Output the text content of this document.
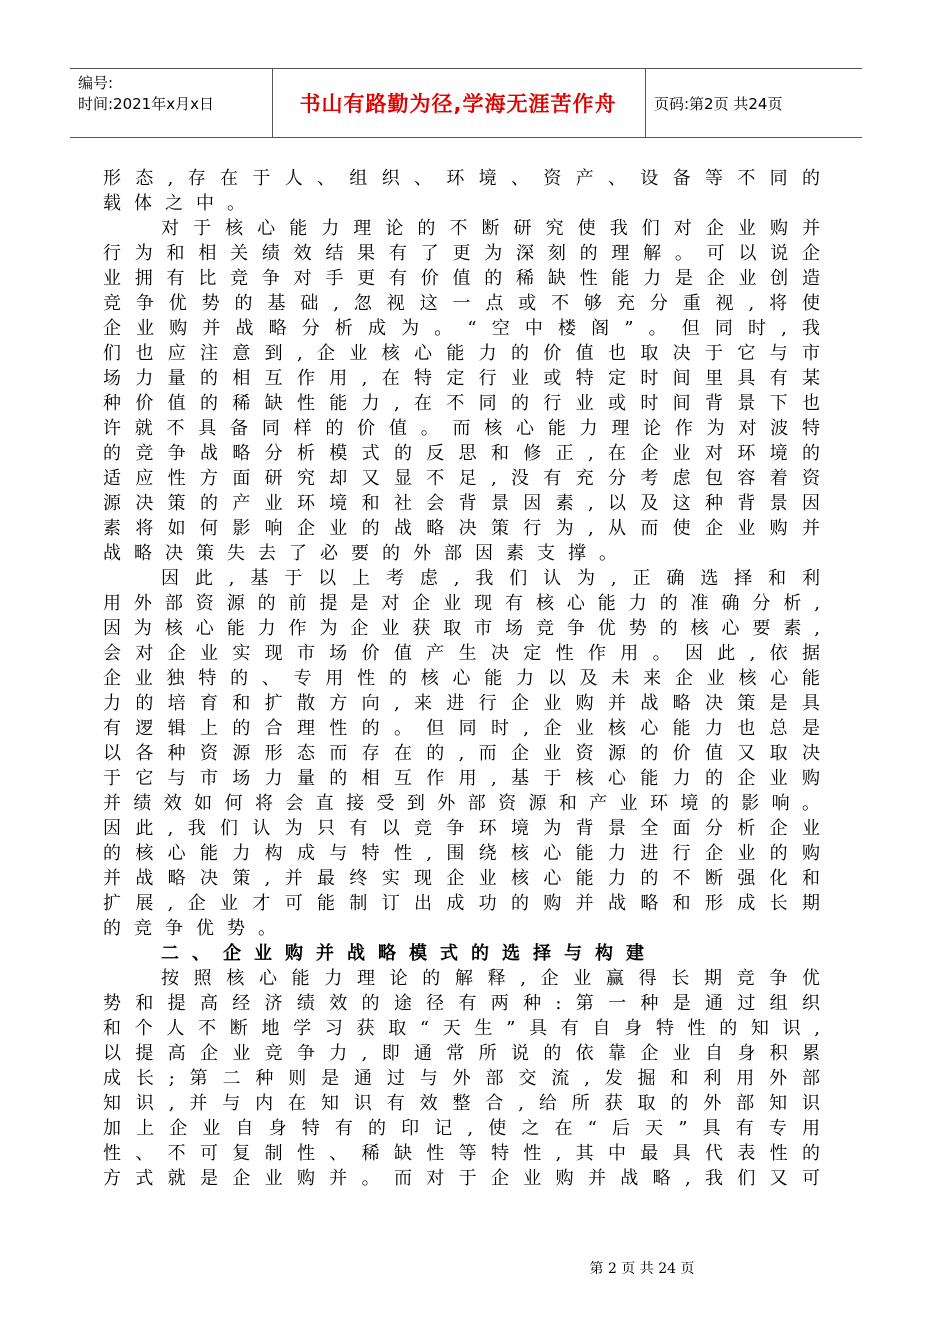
编号:
时间:2021年x月x日	书山有路勤为径,学海无涯苦作舟	页码:第2页 共24页
形态,存在于人、组织、环境、资产、设备等不同的
载体之中。
对于核心能力理论的不断研究使我们对企业购并
行为和相关绩效结果有了更为深刻的理解。可以说企
业拥有比竞争对手更有价值的稀缺性能力是企业创造
竞争优势的基础,忽视这一点或不够充分重视,将使
企业购并战略分析成为。“空中楼阁”。但同时,我
们也应注意到,企业核心能力的价值也取决于它与市
场力量的相互作用,在特定行业或特定时间里具有某
种价值的稀缺性能力,在不同的行业或时间背景下也
许就不具备同样的价值。而核心能力理论作为对波特
的竞争战略分析模式的反思和修正,在企业对环境的
适应性方面研究却又显不足,没有充分考虑包容着资
源决策的产业环境和社会背景因素,以及这种背景因
素将如何影响企业的战略决策行为,从而使企业购并
战略决策失去了必要的外部因素支撑。
因此,基于以上考虑,我们认为,正确选择和利
用外部资源的前提是对企业现有核心能力的准确分析,
因为核心能力作为企业获取市场竞争优势的核心要素,
会对企业实现市场价值产生决定性作用。因此,依据
企业独特的、专用性的核心能力以及未来企业核心能
力的培育和扩散方向,来进行企业购并战略决策是具
有逻辑上的合理性的。但同时,企业核心能力也总是
以各种资源形态而存在的,而企业资源的价值又取决
于它与市场力量的相互作用,基于核心能力的企业购
并绩效如何将会直接受到外部资源和产业环境的影响。
因此,我们认为只有以竞争环境为背景全面分析企业
的核心能力构成与特性,围绕核心能力进行企业的购
并战略决策,并最终实现企业核心能力的不断强化和
扩展,企业才可能制订出成功的购并战略和形成长期
的竞争优势。
二、企业购并战略模式的选择与构建
按照核心能力理论的解释,企业赢得长期竞争优
势和提高经济绩效的途径有两种:第一种是通过组织
和个人不断地学习获取“天生”具有自身特性的知识,
以提高企业竞争力,即通常所说的依靠企业自身积累
成长;第二种则是通过与外部交流,发掘和利用外部
知识,并与内在知识有效整合,给所获取的外部知识
加上企业自身特有的印记,使之在“后天”具有专用
性、不可复制性、稀缺性等特性,其中最具代表性的
方式就是企业购并。而对于企业购并战略,我们又可
第 2 页 共 24 页
